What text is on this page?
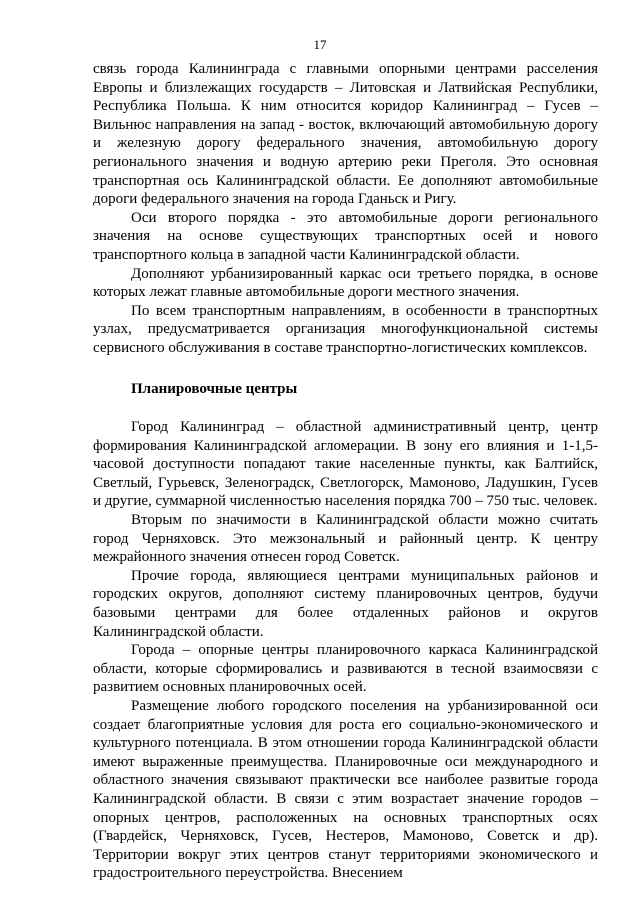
17

связь города Калининграда с главными опорными центрами расселения Европы и близлежащих государств – Литовская и Латвийская Республики, Республика Польша. К ним относится коридор Калининград – Гусев – Вильнюс направления на запад - восток, включающий автомобильную дорогу и железную дорогу федерального значения, автомобильную дорогу регионального значения и водную артерию реки Преголя. Это основная транспортная ось Калининградской области. Ее дополняют автомобильные дороги федерального значения на города Гданьск и Ригу.

Оси второго порядка - это автомобильные дороги регионального значения на основе существующих транспортных осей и нового транспортного кольца в западной части Калининградской области.

Дополняют урбанизированный каркас оси третьего порядка, в основе которых лежат главные автомобильные дороги местного значения.

По всем транспортным направлениям, в особенности в транспортных узлах, предусматривается организация многофункциональной системы сервисного обслуживания в составе транспортно-логистических комплексов.

Планировочные центры

Город Калининград – областной административный центр, центр формирования Калининградской агломерации. В зону его влияния и 1-1,5-часовой доступности попадают такие населенные пункты, как Балтийск, Светлый, Гурьевск, Зеленоградск, Светлогорск, Мамоново, Ладушкин, Гусев и другие, суммарной численностью населения порядка 700 – 750 тыс. человек.

Вторым по значимости в Калининградской области можно считать город Черняховск. Это межзональный и районный центр. К центру межрайонного значения отнесен город Советск.

Прочие города, являющиеся центрами муниципальных районов и городских округов, дополняют систему планировочных центров, будучи базовыми центрами для более отдаленных районов и округов Калининградской области.

Города – опорные центры планировочного каркаса Калининградской области, которые сформировались и развиваются в тесной взаимосвязи с развитием основных планировочных осей.

Размещение любого городского поселения на урбанизированной оси создает благоприятные условия для роста его социально-экономического и культурного потенциала. В этом отношении города Калининградской области имеют выраженные преимущества. Планировочные оси международного и областного значения связывают практически все наиболее развитые города Калининградской области. В связи с этим возрастает значение городов – опорных центров, расположенных на основных транспортных осях (Гвардейск, Черняховск, Гусев, Нестеров, Мамоново, Советск и др). Территории вокруг этих центров станут территориями экономического и градостроительного переустройства. Внесением
